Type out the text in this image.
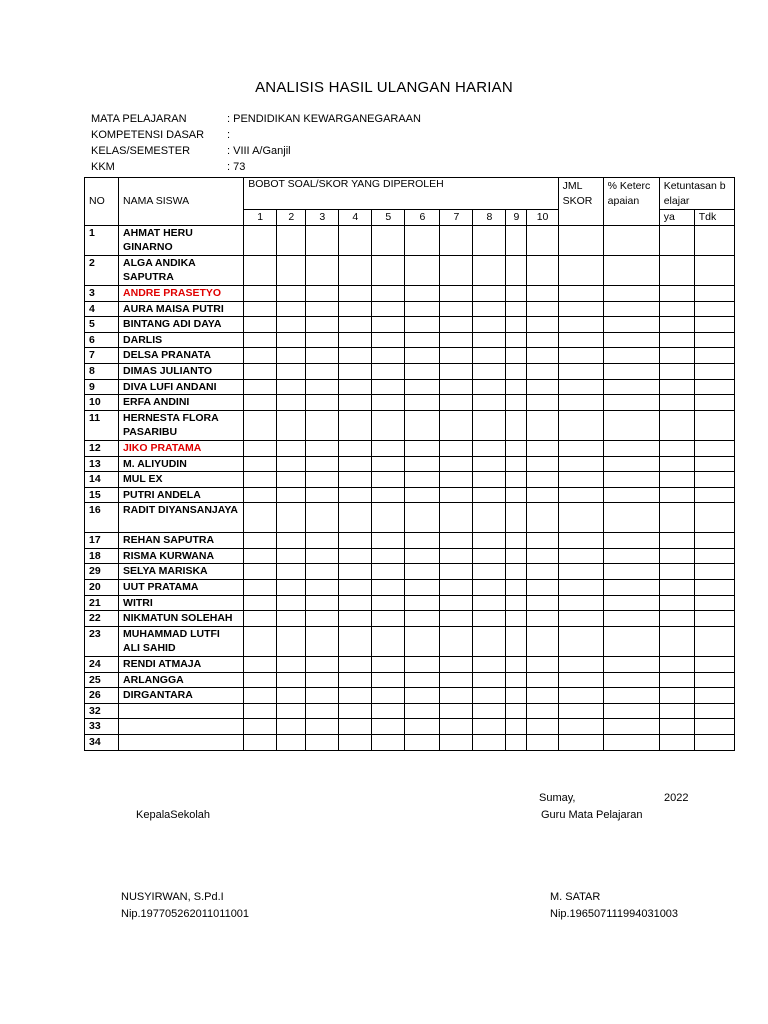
ANALISIS HASIL ULANGAN HARIAN
MATA PELAJARAN	: PENDIDIKAN KEWARGANEGARAAN
KOMPETENSI DASAR	:
KELAS/SEMESTER	: VIII A/Ganjil
KKM	: 73
NO	NAMA SISWA	BOBOT SOAL/SKOR YANG DIPEROLEH										JML SKOR	% Ketercapaian	Ketuntasan belajar	
		1	2	3	4	5	6	7	8	9	10			ya	Tdk
1	AHMAT HERU GINARNO														
2	ALGA ANDIKA SAPUTRA														
3	ANDRE PRASETYO														
4	AURA MAISA PUTRI														
5	BINTANG ADI DAYA														
6	DARLIS														
7	DELSA PRANATA														
8	DIMAS JULIANTO														
9	DIVA LUFI ANDANI														
10	ERFA ANDINI														
11	HERNESTA FLORA PASARIBU														
12	JIKO PRATAMA														
13	M. ALIYUDIN														
14	MUL EX														
15	PUTRI ANDELA														
16	RADIT DIYANSANJAYA														
17	REHAN SAPUTRA														
18	RISMA KURWANA														
29	SELYA MARISKA														
20	UUT PRATAMA														
21	WITRI														
22	NIKMATUN SOLEHAH														
23	MUHAMMAD LUTFI ALI SAHID														
24	RENDI ATMAJA														
25	ARLANGGA														
26	DIRGANTARA														
32															
33															
34															
Sumay,	2022
KepalaSekolah	Guru Mata Pelajaran
NUSYIRWAN, S.Pd.I
Nip.197705262011011001
M. SATAR
Nip.196507111994031003
